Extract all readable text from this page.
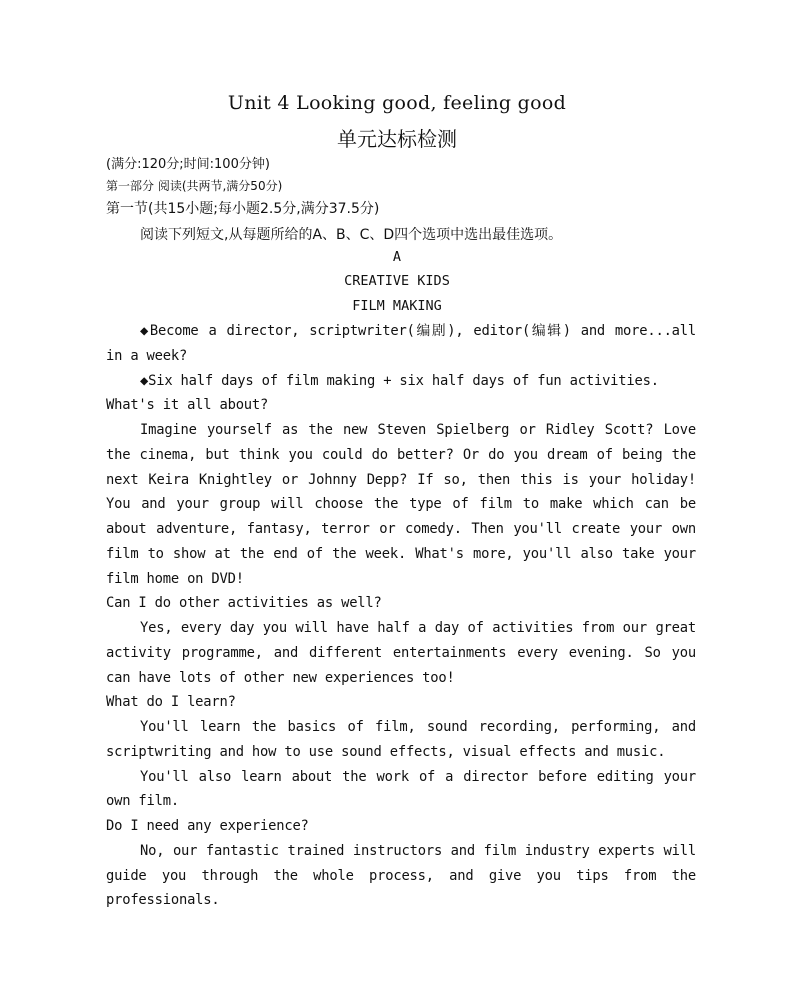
Unit 4 Looking good, feeling good
单元达标检测
(满分:120分;时间:100分钟)
第一部分 阅读(共两节,满分50分)
第一节(共15小题;每小题2.5分,满分37.5分)
阅读下列短文,从每题所给的A、B、C、D四个选项中选出最佳选项。
A
CREATIVE KIDS
FILM MAKING

◆Become a director, scriptwriter(编剧), editor(编辑) and more...all in a week?

◆Six half days of film making + six half days of fun activities.

What's it all about?

Imagine yourself as the new Steven Spielberg or Ridley Scott? Love the cinema, but think you could do better? Or do you dream of being the next Keira Knightley or Johnny Depp? If so, then this is your holiday! You and your group will choose the type of film to make which can be about adventure, fantasy, terror or comedy. Then you'll create your own film to show at the end of the week. What's more, you'll also take your film home on DVD!

Can I do other activities as well?

Yes, every day you will have half a day of activities from our great activity programme, and different entertainments every evening. So you can have lots of other new experiences too!

What do I learn?

You'll learn the basics of film, sound recording, performing, and scriptwriting and how to use sound effects, visual effects and music.

You'll also learn about the work of a director before editing your own film.

Do I need any experience?

No, our fantastic trained instructors and film industry experts will guide you through the whole process, and give you tips from the professionals.
